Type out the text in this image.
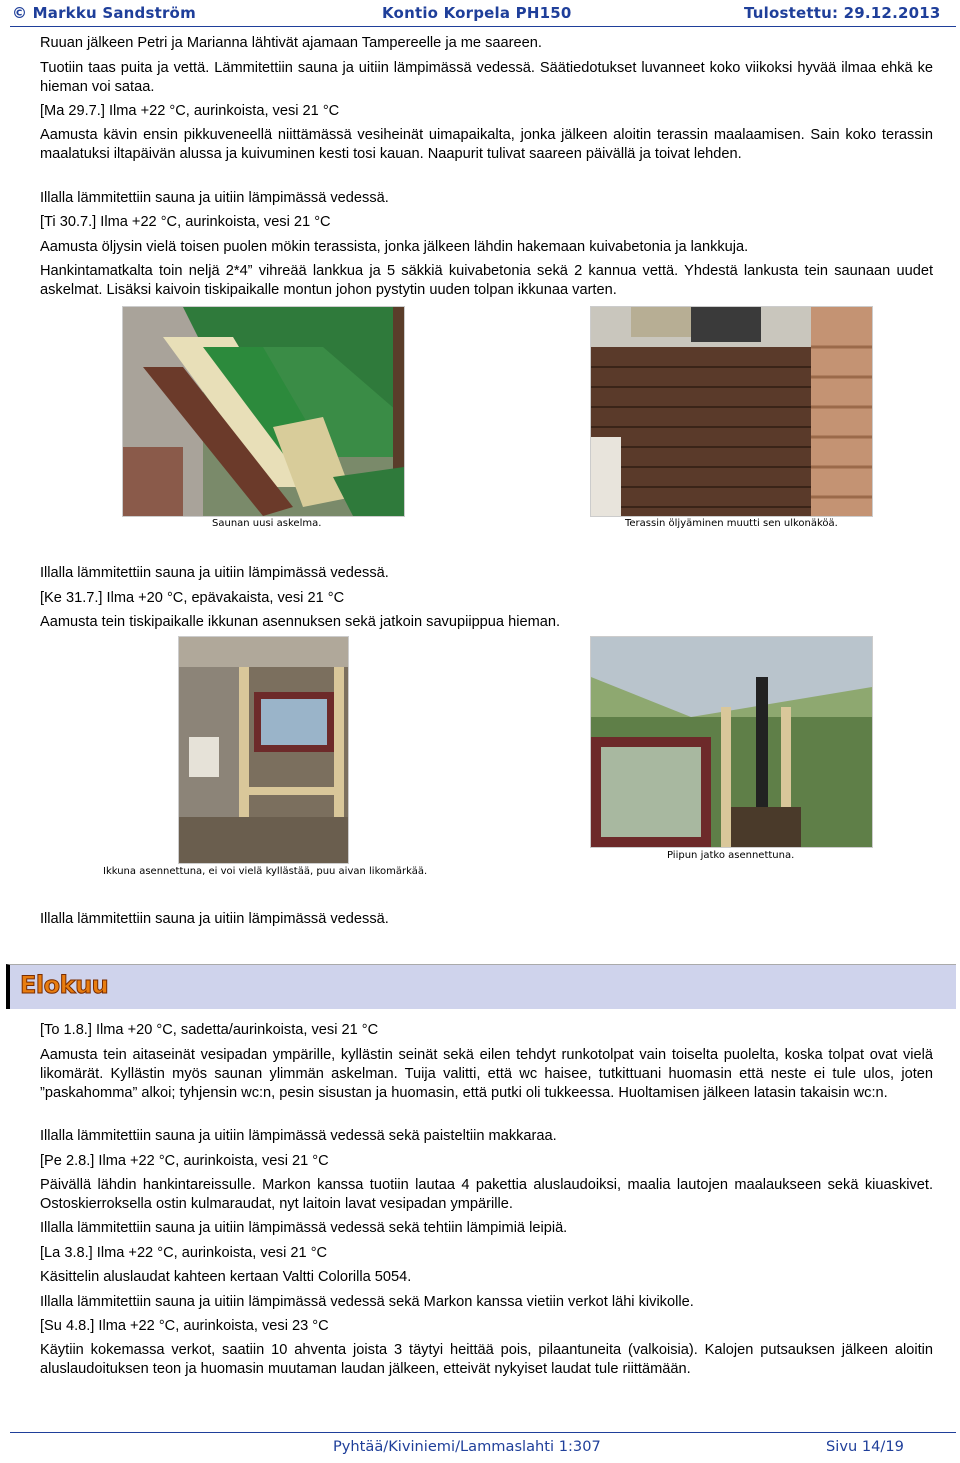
© Markku Sandström	Kontio Korpela PH150	Tulostettu: 29.12.2013
Ruuan jälkeen Petri ja Marianna lähtivät ajamaan Tampereelle ja me saareen.
Tuotiin taas puita ja vettä. Lämmitettiin sauna ja uitiin lämpimässä vedessä. Säätiedotukset luvanneet koko viikoksi hyvää ilmaa ehkä ke hieman voi sataa.
[Ma 29.7.] Ilma +22 °C, aurinkoista, vesi 21 °C
Aamusta kävin ensin pikkuveneellä niittämässä vesiheinät uimapaikalta, jonka jälkeen aloitin terassin maalaamisen. Sain koko terassin maalatuksi iltapäivän alussa ja kuivuminen kesti tosi kauan. Naapurit tulivat saareen päivällä ja toivat lehden.
Illalla lämmitettiin sauna ja uitiin lämpimässä vedessä.
[Ti 30.7.] Ilma +22 °C, aurinkoista, vesi 21 °C
Aamusta öljysin vielä toisen puolen mökin terassista, jonka jälkeen lähdin hakemaan kuivabetonia ja lankkuja.
Hankintamatkalta toin neljä 2*4” vihreää lankkua ja 5 säkkiä kuivabetonia sekä 2 kannua vettä. Yhdestä lankusta tein saunaan uudet askelmat. Lisäksi kaivoin tiskipaikalle montun johon pystytin uuden tolpan ikkunaa varten.
Saunan uusi askelma.	Terassin öljyäminen muutti sen ulkonäköä.
Illalla lämmitettiin sauna ja uitiin lämpimässä vedessä.
[Ke 31.7.] Ilma +20 °C, epävakaista, vesi 21 °C
Aamusta tein tiskipaikalle ikkunan asennuksen sekä jatkoin savupiippua hieman.
Ikkuna asennettuna, ei voi vielä kyllästää, puu aivan likomärkää.
Piipun jatko asennettuna.
Illalla lämmitettiin sauna ja uitiin lämpimässä vedessä.
Elokuu
[To 1.8.] Ilma +20 °C, sadetta/aurinkoista, vesi 21 °C
Aamusta tein aitaseinät vesipadan ympärille, kyllästin seinät sekä eilen tehdyt runkotolpat vain toiselta puolelta, koska tolpat ovat vielä likomärät. Kyllästin myös saunan ylimmän askelman. Tuija valitti, että wc haisee, tutkittuani huomasin että neste ei tule ulos, joten ”paskahomma” alkoi; tyhjensin wc:n, pesin sisustan ja huomasin, että putki oli tukkeessa. Huoltamisen jälkeen latasin takaisin wc:n.
Illalla lämmitettiin sauna ja uitiin lämpimässä vedessä sekä paisteltiin makkaraa.
[Pe 2.8.] Ilma +22 °C, aurinkoista, vesi 21 °C
Päivällä lähdin hankintareissulle. Markon kanssa tuotiin lautaa 4 pakettia aluslaudoiksi, maalia lautojen maalaukseen sekä kiuaskivet. Ostoskierroksella ostin kulmaraudat, nyt laitoin lavat vesipadan ympärille.
Illalla lämmitettiin sauna ja uitiin lämpimässä vedessä sekä tehtiin lämpimiä leipiä.
[La 3.8.] Ilma +22 °C, aurinkoista, vesi 21 °C
Käsittelin aluslaudat kahteen kertaan Valtti Colorilla 5054.
Illalla lämmitettiin sauna ja uitiin lämpimässä vedessä sekä Markon kanssa vietiin verkot lähi kivikolle.
[Su 4.8.] Ilma +22 °C, aurinkoista, vesi 23 °C
Käytiin kokemassa verkot, saatiin 10 ahventa joista 3 täytyi heittää pois, pilaantuneita (valkoisia). Kalojen putsauksen jälkeen aloitin aluslaudoituksen teon ja huomasin muutaman laudan jälkeen, etteivät nykyiset laudat tule riittämään.
Pyhtää/Kiviniemi/Lammaslahti 1:307	Sivu 14/19
